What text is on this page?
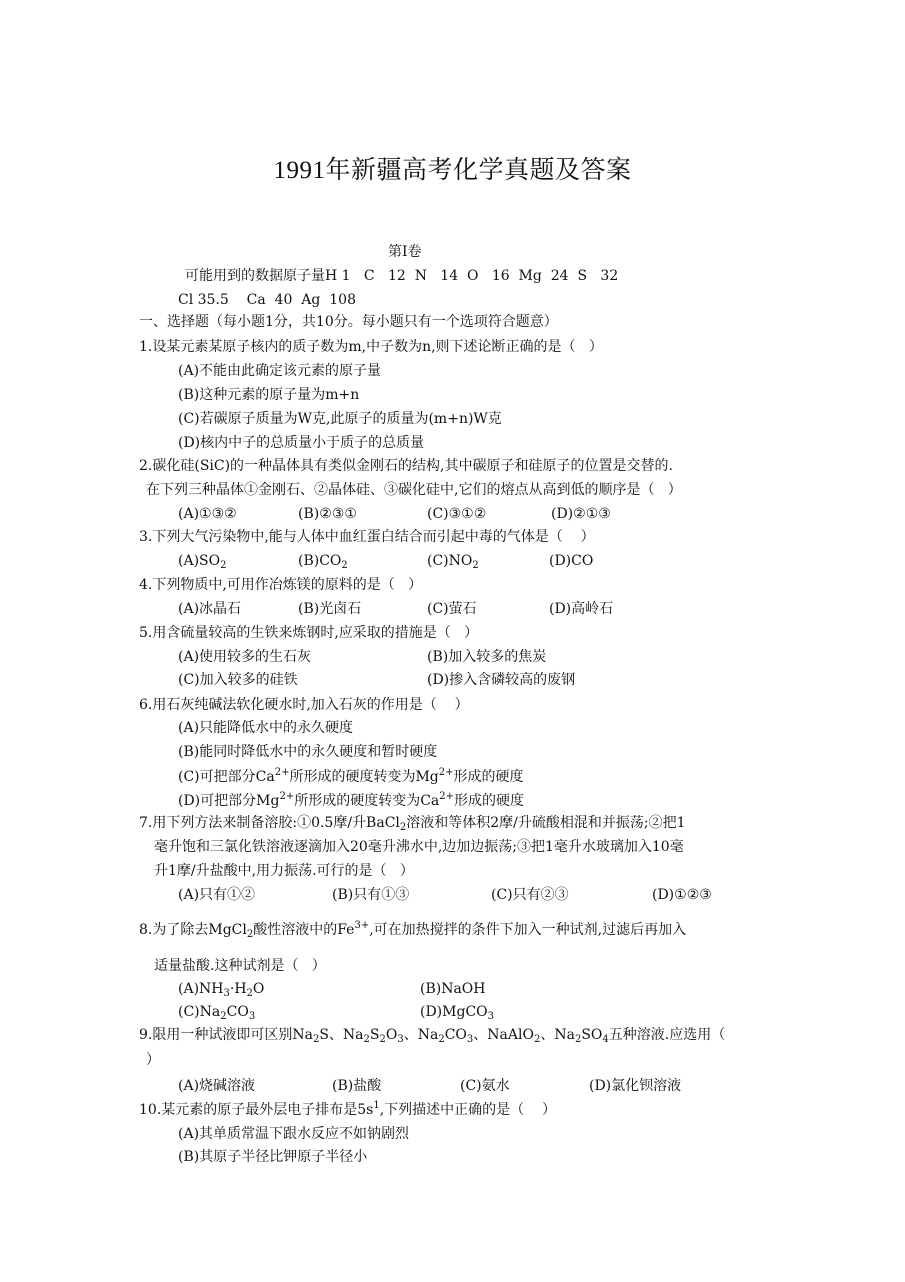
1991年新疆高考化学真题及答案
第Ⅰ卷
可能用到的数据原子量H 1   C   12  N   14  O   16  Mg  24  S   32
Cl 35.5    Ca  40  Ag  108
一、选择题（每小题1分，共10分。每小题只有一个选项符合题意）
1.设某元素某原子核内的质子数为m,中子数为n,则下述论断正确的是（   ）
(A)不能由此确定该元素的原子量
(B)这种元素的原子量为m+n
(C)若碳原子质量为W克,此原子的质量为(m+n)W克
(D)核内中子的总质量小于质子的总质量
2.碳化硅(SiC)的一种晶体具有类似金刚石的结构,其中碳原子和硅原子的位置是交替的.
在下列三种晶体①金刚石、②晶体硅、③碳化硅中,它们的熔点从高到低的顺序是（   ）
(A)①③②	(B)②③①	(C)③①②	(D)②①③
3.下列大气污染物中,能与人体中血红蛋白结合而引起中毒的气体是（    ）
$(A)SO_2$	$(B)CO_2$	$(C)NO_2$	(D)CO
4.下列物质中,可用作冶炼镁的原料的是（   ）
(A)冰晶石	(B)光卤石	(C)萤石	(D)高岭石
5.用含硫量较高的生铁来炼钢时,应采取的措施是（   ）
(A)使用较多的生石灰	(B)加入较多的焦炭
(C)加入较多的硅铁	(D)掺入含磷较高的废钢
6.用石灰纯碱法软化硬水时,加入石灰的作用是（    ）
(A)只能降低水中的永久硬度
(B)能同时降低水中的永久硬度和暂时硬度
(C)可把部分$Ca^{2+}$所形成的硬度转变为$Mg^{2+}$形成的硬度
(D)可把部分$Mg^{2+}$所形成的硬度转变为$Ca^{2+}$形成的硬度
7.用下列方法来制备溶胶:①0.5摩/升BaCl$_2$溶液和等体积2摩/升硫酸相混和并振荡;②把1
毫升饱和三氯化铁溶液逐滴加入20毫升沸水中,边加边振荡;③把1毫升水玻璃加入10毫
升1摩/升盐酸中,用力振荡.可行的是（   ）
(A)只有①②	(B)只有①③	(C)只有②③	(D)①②③
8.为了除去MgCl$_2$酸性溶液中的$Fe^{3+}$,可在加热搅拌的条件下加入一种试剂,过滤后再加入
适量盐酸.这种试剂是（   ）
$(A)NH_3\cdot H_2O$	(B)NaOH
$(C)Na_2CO_3$	(D)MgCO$_3$
9.限用一种试液即可区别$Na_2S$、$Na_2S_2O_3$、$Na_2CO_3$、NaAlO$_2$、$Na_2SO_4$五种溶液.应选用（
）
(A)烧碱溶液	(B)盐酸	(C)氨水	(D)氯化钡溶液
10.某元素的原子最外层电子排布是$5s^1$,下列描述中正确的是（    ）
(A)其单质常温下跟水反应不如钠剧烈
(B)其原子半径比钾原子半径小
